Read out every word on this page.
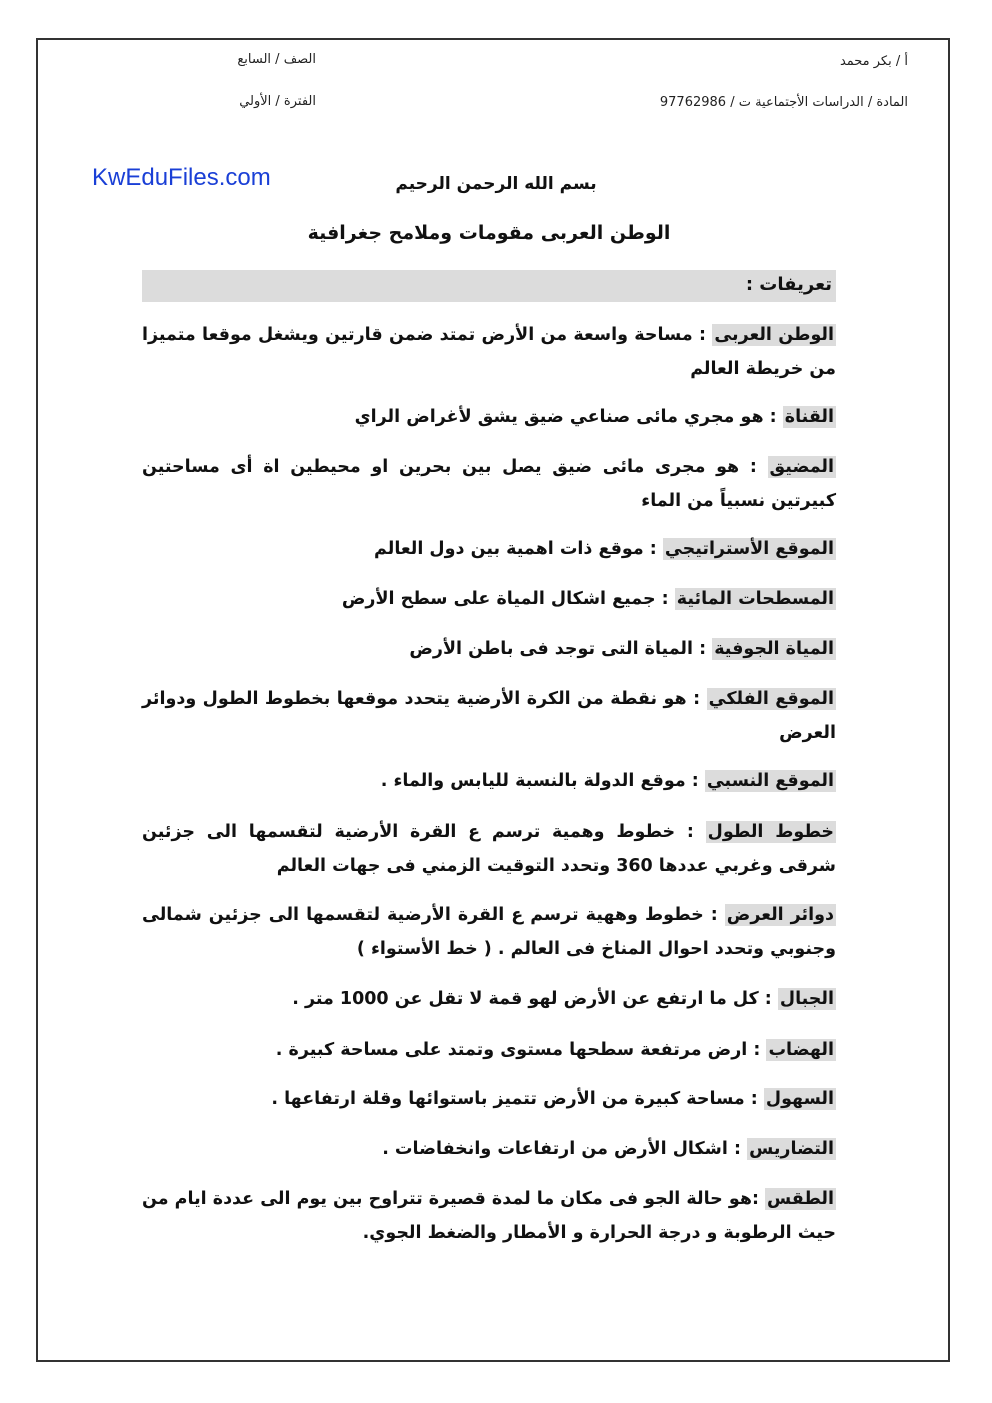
أ / بكر محمد
المادة / الدراسات الأجتماعية ت / 97762986
الصف / السابع
الفترة / الأولي
KwEduFiles.com	بسم الله الرحمن الرحيم
الوطن العربى مقومات وملامح جغرافية
تعريفات :
الوطن العربى : مساحة واسعة من الأرض تمتد ضمن قارتين ويشغل موقعا متميزا من خريطة العالم
القناة : هو مجري مائى صناعي ضيق يشق لأغراض الراي
المضيق : هو مجرى مائى ضيق يصل بين بحرين او محيطين اة أى مساحتين كبيرتين نسبياً من الماء
الموقع الأستراتيجي : موقع ذات اهمية بين دول العالم
المسطحات المائية : جميع اشكال المياة على سطح الأرض
المياة الجوفية : المياة التى توجد فى باطن الأرض
الموقع الفلكي : هو نقطة من الكرة الأرضية يتحدد موقعها بخطوط الطول ودوائر العرض
الموقع النسبي : موقع الدولة بالنسبة لليابس والماء .
خطوط الطول : خطوط وهمية ترسم ع القرة الأرضية لتقسمها الى جزئين شرقى وغربي عددها 360 وتحدد التوقيت الزمني فى جهات العالم
دوائر العرض : خطوط وههية ترسم ع القرة الأرضية لتقسمها الى جزئين شمالى وجنوبي وتحدد احوال المناخ فى العالم . ( خط الأستواء )
الجبال : كل ما ارتفع عن الأرض لهو قمة لا تقل عن 1000 متر .
الهضاب : ارض مرتفعة سطحها مستوى وتمتد على مساحة كبيرة .
السهول : مساحة كبيرة من الأرض تتميز باستوائها وقلة ارتفاعها .
التضاريس : اشكال الأرض من ارتفاعات وانخفاضات .
الطقس :هو حالة الجو فى مكان ما لمدة قصيرة تتراوح بين يوم الى عددة ايام من حيث الرطوبة و درجة الحرارة و الأمطار والضغط الجوي.
